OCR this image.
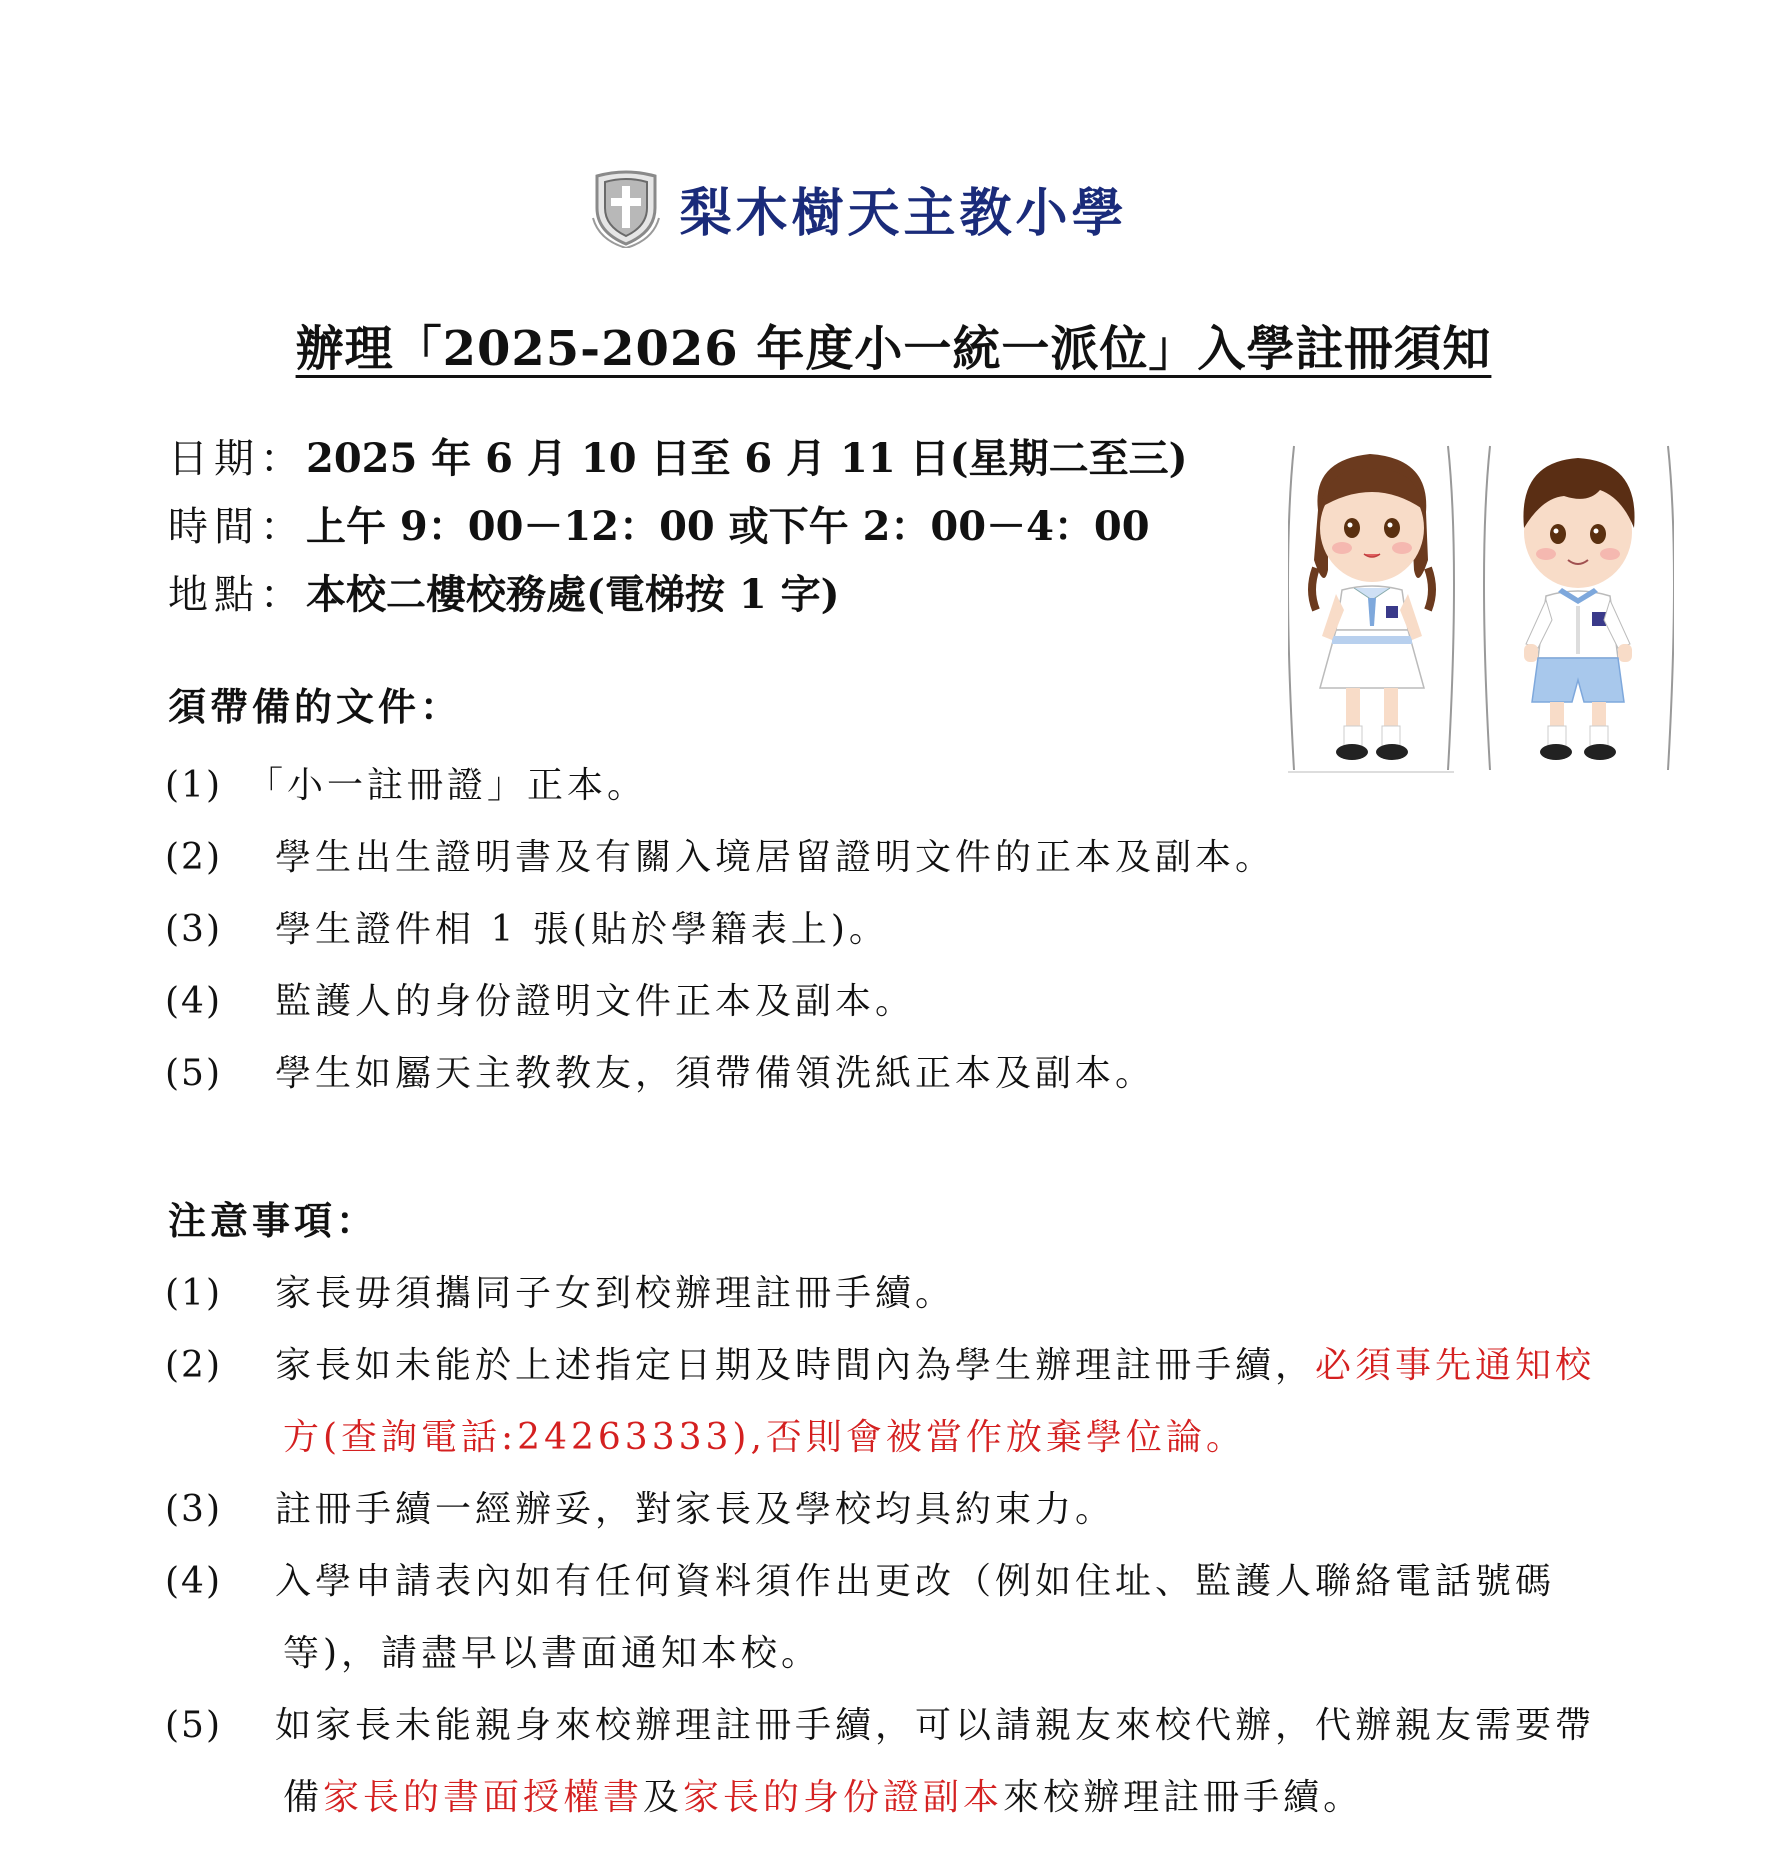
梨木樹天主教小學
辦理「2025-2026 年度小一統一派位」入學註冊須知
日期：2025 年 6 月 10 日至 6 月 11 日(星期二至三)
時間：上午 9：00－12：00 或下午 2：00－4：00
地點：本校二樓校務處(電梯按 1 字)
須帶備的文件：
(1) 「小一註冊證」正本。
(2) 學生出生證明書及有關入境居留證明文件的正本及副本。
(3) 學生證件相 1 張(貼於學籍表上)。
(4) 監護人的身份證明文件正本及副本。
(5) 學生如屬天主教教友，須帶備領洗紙正本及副本。
注意事項：
(1) 家長毋須攜同子女到校辦理註冊手續。
(2) 家長如未能於上述指定日期及時間內為學生辦理註冊手續，必須事先通知校
方(查詢電話:24263333),否則會被當作放棄學位論。
(3) 註冊手續一經辦妥，對家長及學校均具約束力。
(4) 入學申請表內如有任何資料須作出更改（例如住址、監護人聯絡電話號碼
等)，請盡早以書面通知本校。
(5) 如家長未能親身來校辦理註冊手續，可以請親友來校代辦，代辦親友需要帶
備家長的書面授權書及家長的身份證副本來校辦理註冊手續。
